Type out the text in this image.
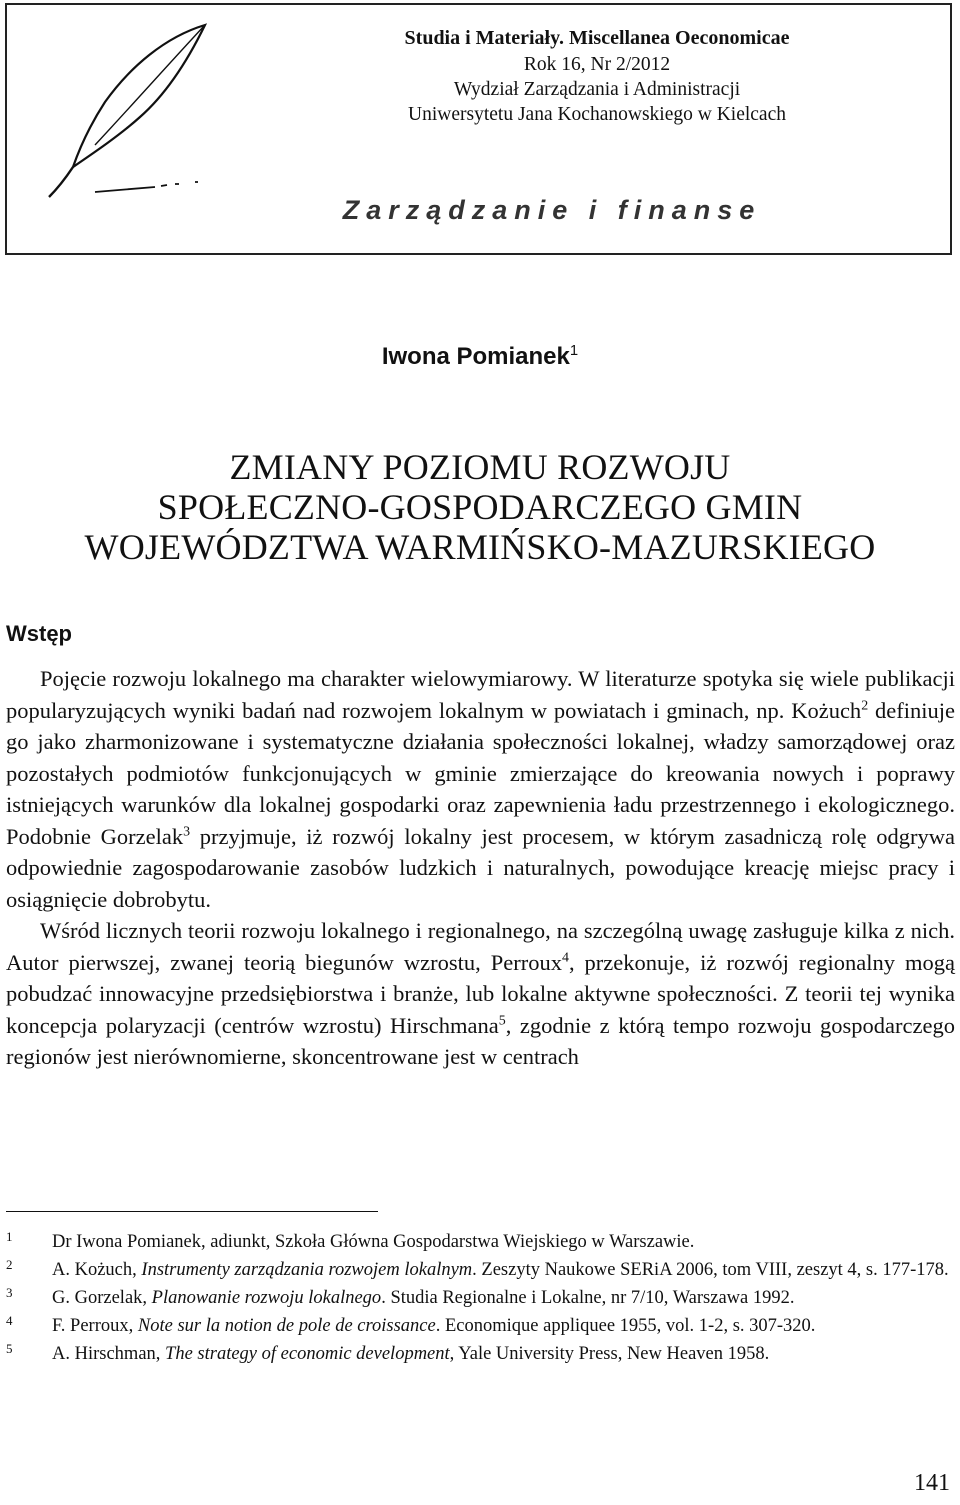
Studia i Materiały. Miscellanea Oeconomicae
Rok 16, Nr 2/2012
Wydział Zarządzania i Administracji
Uniwersytetu Jana Kochanowskiego w Kielcach
Zarządzanie i finanse
Iwona Pomianek$^1$
ZMIANY POZIOMU ROZWOJU
SPOŁECZNO-GOSPODARCZEGO GMIN
WOJEWÓDZTWA WARMIŃSKO-MAZURSKIEGO
Wstęp

Pojęcie rozwoju lokalnego ma charakter wielowymiarowy. W literaturze spotyka się wiele publikacji popularyzujących wyniki badań nad rozwojem lokalnym w powiatach i gminach, np. Kożuch$^2$ definiuje go jako zharmonizowane i systematyczne działania społeczności lokalnej, władzy samorządowej oraz pozostałych podmiotów funkcjonujących w gminie zmierzające do kreowania nowych i poprawy istniejących warunków dla lokalnej gospodarki oraz zapewnienia ładu przestrzennego i ekologicznego. Podobnie Gorzelak$^3$ przyjmuje, iż rozwój lokalny jest procesem, w którym zasadniczą rolę odgrywa odpowiednie zagospodarowanie zasobów ludzkich i naturalnych, powodujące kreację miejsc pracy i osiągnięcie dobrobytu.

Wśród licznych teorii rozwoju lokalnego i regionalnego, na szczególną uwagę zasługuje kilka z nich. Autor pierwszej, zwanej teorią biegunów wzrostu, Perroux$^4$, przekonuje, iż rozwój regionalny mogą pobudzać innowacyjne przedsiębiorstwa i branże, lub lokalne aktywne społeczności. Z teorii tej wynika koncepcja polaryzacji (centrów wzrostu) Hirschmana$^5$, zgodnie z którą tempo rozwoju gospodarczego regionów jest nierównomierne, skoncentrowane jest w centrach

1 Dr Iwona Pomianek, adiunkt, Szkoła Główna Gospodarstwa Wiejskiego w Warszawie.
2 A. Kożuch, Instrumenty zarządzania rozwojem lokalnym. Zeszyty Naukowe SERiA 2006, tom VIII, zeszyt 4, s. 177-178.
3 G. Gorzelak, Planowanie rozwoju lokalnego. Studia Regionalne i Lokalne, nr 7/10, Warszawa 1992.
4 F. Perroux, Note sur la notion de pole de croissance. Economique appliquee 1955, vol. 1-2, s. 307-320.
5 A. Hirschman, The strategy of economic development, Yale University Press, New Heaven 1958.
141
